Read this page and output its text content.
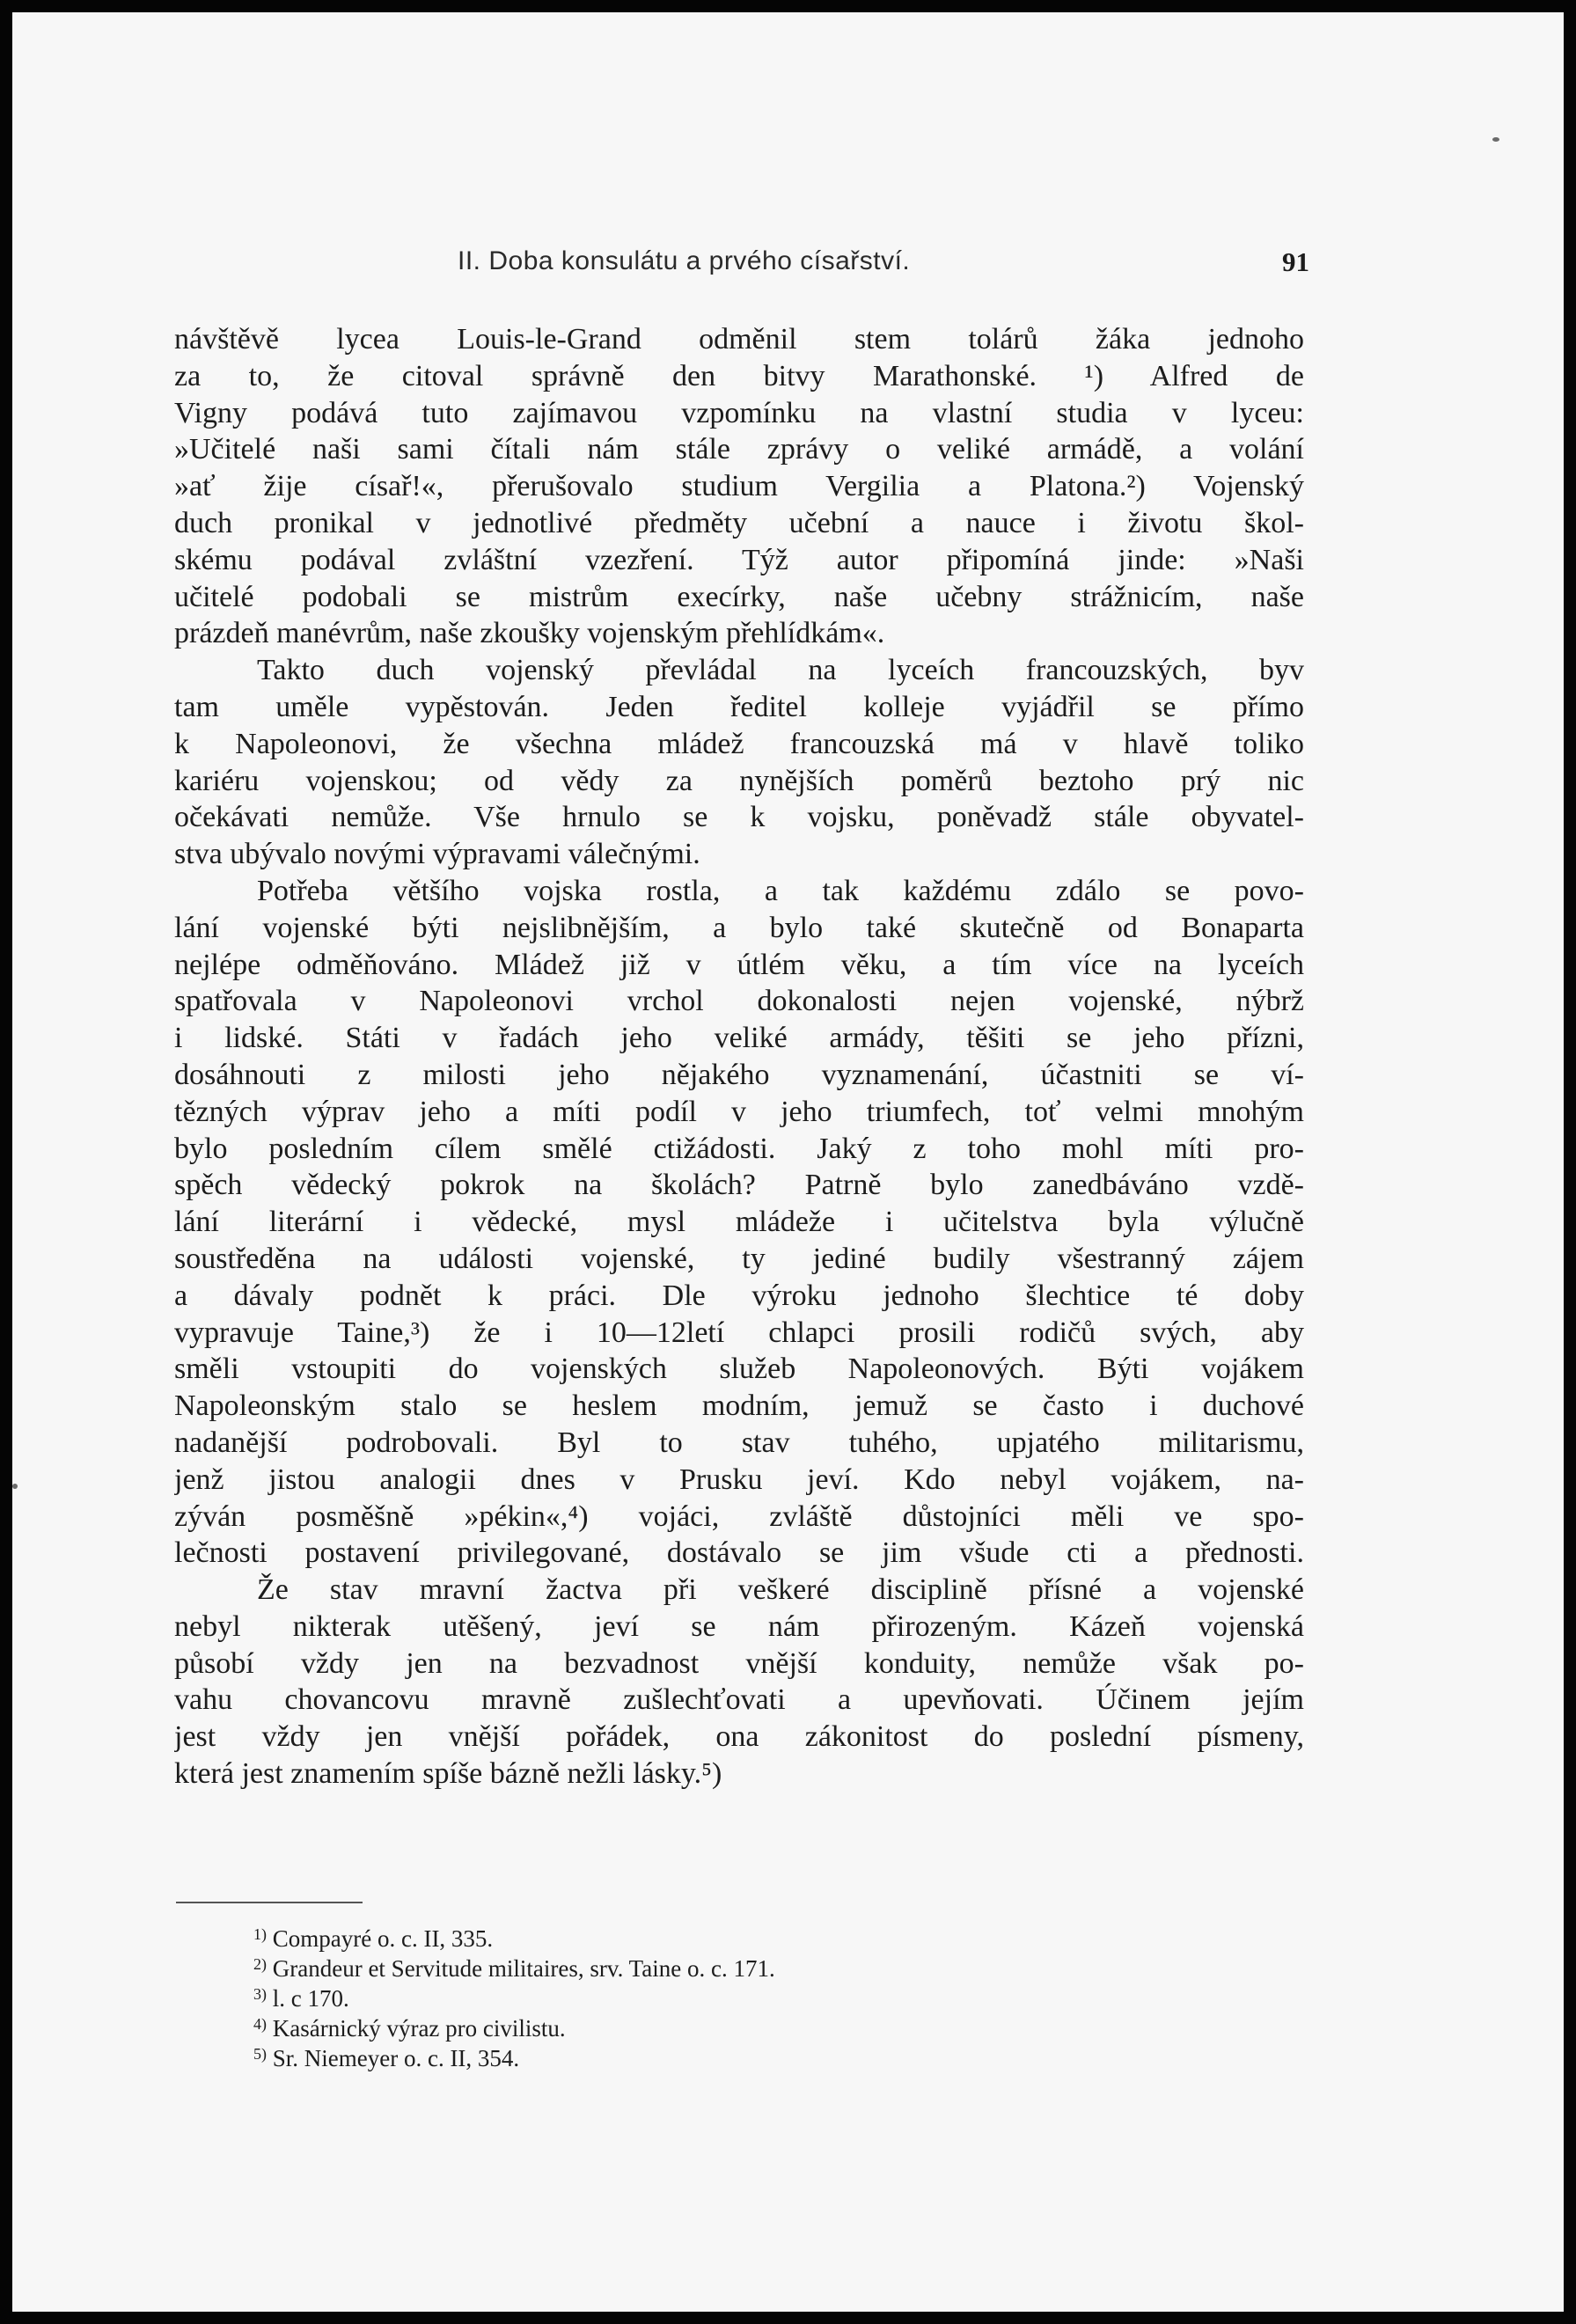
II. Doba konsulátu a prvého císařství.	91

návštěvě lycea Louis-le-Grand odměnil stem tolárů žáka jednoho

za to, že citoval správně den bitvy Marathonské. ¹) Alfred de

Vigny podává tuto zajímavou vzpomínku na vlastní studia v lyceu:

»Učitelé naši sami čítali nám stále zprávy o veliké armádě, a volání

»ať žije císař!«, přerušovalo studium Vergilia a Platona.²) Vojenský

duch pronikal v jednotlivé předměty učební a nauce i životu škol-

skému podával zvláštní vzezření. Týž autor připomíná jinde: »Naši

učitelé podobali se mistrům execírky, naše učebny strážnicím, naše

prázdeň manévrům, naše zkoušky vojenským přehlídkám«.

Takto duch vojenský převládal na lyceích francouzských, byv

tam uměle vypěstován. Jeden ředitel kolleje vyjádřil se přímo

k Napoleonovi, že všechna mládež francouzská má v hlavě toliko

kariéru vojenskou; od vědy za nynějších poměrů beztoho prý nic

očekávati nemůže. Vše hrnulo se k vojsku, poněvadž stále obyvatel-

stva ubývalo novými výpravami válečnými.

Potřeba většího vojska rostla, a tak každému zdálo se povo-

lání vojenské býti nejslibnějším, a bylo také skutečně od Bonaparta

nejlépe odměňováno. Mládež již v útlém věku, a tím více na lyceích

spatřovala v Napoleonovi vrchol dokonalosti nejen vojenské, nýbrž

i lidské. Státi v řadách jeho veliké armády, těšiti se jeho přízni,

dosáhnouti z milosti jeho nějakého vyznamenání, účastniti se ví-

tězných výprav jeho a míti podíl v jeho triumfech, toť velmi mnohým

bylo posledním cílem smělé ctižádosti. Jaký z toho mohl míti pro-

spěch vědecký pokrok na školách? Patrně bylo zanedbáváno vzdě-

lání literární i vědecké, mysl mládeže i učitelstva byla výlučně

soustředěna na události vojenské, ty jediné budily všestranný zájem

a dávaly podnět k práci. Dle výroku jednoho šlechtice té doby

vypravuje Taine,³) že i 10—12letí chlapci prosili rodičů svých, aby

směli vstoupiti do vojenských služeb Napoleonových. Býti vojákem

Napoleonským stalo se heslem modním, jemuž se často i duchové

nadanější podrobovali. Byl to stav tuhého, upjatého militarismu,

jenž jistou analogii dnes v Prusku jeví. Kdo nebyl vojákem, na-

zýván posměšně »pékin«,⁴) vojáci, zvláště důstojníci měli ve spo-

lečnosti postavení privilegované, dostávalo se jim všude cti a přednosti.

Že stav mravní žactva při veškeré disciplině přísné a vojenské

nebyl nikterak utěšený, jeví se nám přirozeným. Kázeň vojenská

působí vždy jen na bezvadnost vnější konduity, nemůže však po-

vahu chovancovu mravně zušlechťovati a upevňovati. Účinem jejím

jest vždy jen vnější pořádek, ona zákonitost do poslední písmeny,

která jest znamením spíše bázně nežli lásky.⁵)

$^{1)}$ Compayré o. c. II, 335.
$^{2)}$ Grandeur et Servitude militaires, srv. Taine o. c. 171.
$^{3)}$ l. c 170.
$^{4)}$ Kasárnický výraz pro civilistu.
$^{5)}$ Sr. Niemeyer o. c. II, 354.
